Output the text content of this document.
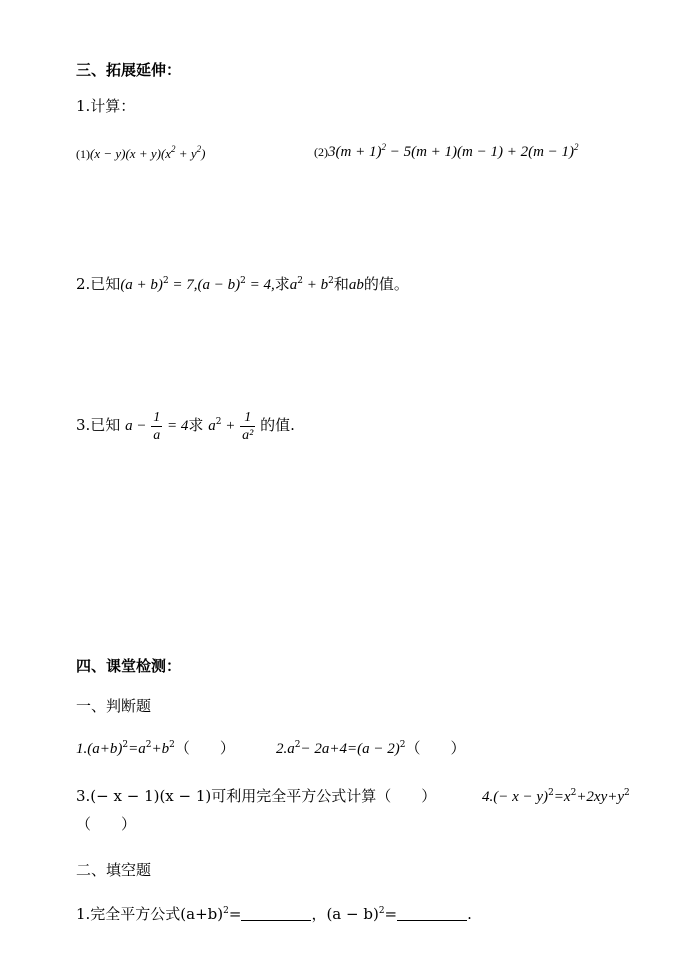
三、拓展延伸：
1.计算：
$(1)(x - y)(x + y)(x^2 + y^2)$	$(2)3(m + 1)^2 - 5(m + 1)(m - 1) + 2(m - 1)^2$
2.已知$(a + b)^2 = 7,(a - b)^2 = 4$,求$a^2 + b^2$和ab的值。
3.已知 $a - \frac{1}{a} = 4$求 $a^2 + \frac{1}{\text{a²}}$ 的值.
四、课堂检测：
一、判断题
$1.(a+b)^2=a^2+b^2$（　　）	$2.a^2- 2a+4=(a - 2)^2$（　　）
3.(− x − 1)(x − 1)可利用完全平方公式计算（　　）	$4.(- x - y)^2=x^2+2xy+y^2$
（　　）
二、填空题
1.完全平方公式$(a+b)^2=$	，$(a - b)^2=$	.
